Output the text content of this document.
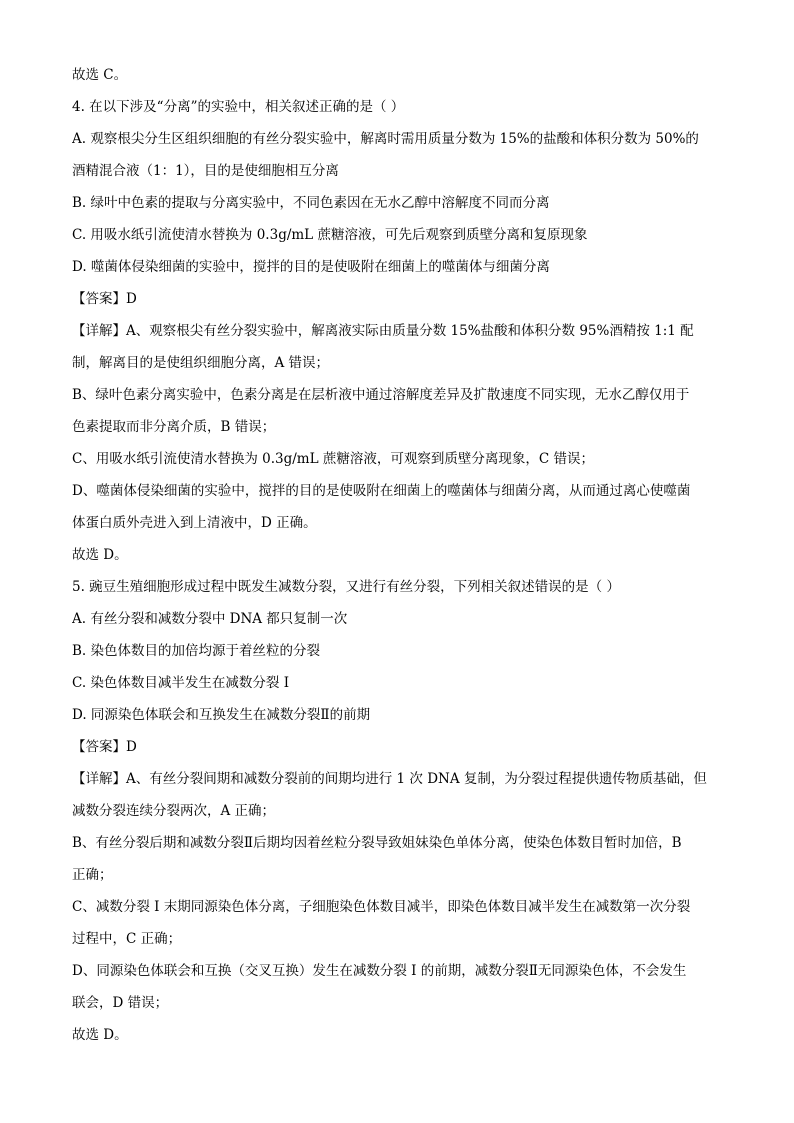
故选 C。
4. 在以下涉及“分离”的实验中，相关叙述正确的是（ ）
A. 观察根尖分生区组织细胞的有丝分裂实验中，解离时需用质量分数为 15%的盐酸和体积分数为 50%的
酒精混合液（1：1），目的是使细胞相互分离
B. 绿叶中色素的提取与分离实验中，不同色素因在无水乙醇中溶解度不同而分离
C. 用吸水纸引流使清水替换为 0.3g/mL 蔗糖溶液，可先后观察到质壁分离和复原现象
D. 噬菌体侵染细菌的实验中，搅拌的目的是使吸附在细菌上的噬菌体与细菌分离
【答案】D
【详解】A、观察根尖有丝分裂实验中，解离液实际由质量分数 15%盐酸和体积分数 95%酒精按 1:1 配
制，解离目的是使组织细胞分离，A 错误；
B、绿叶色素分离实验中，色素分离是在层析液中通过溶解度差异及扩散速度不同实现，无水乙醇仅用于
色素提取而非分离介质，B 错误；
C、用吸水纸引流使清水替换为 0.3g/mL 蔗糖溶液，可观察到质壁分离现象，C 错误；
D、噬菌体侵染细菌的实验中，搅拌的目的是使吸附在细菌上的噬菌体与细菌分离，从而通过离心使噬菌
体蛋白质外壳进入到上清液中，D 正确。
故选 D。
5. 豌豆生殖细胞形成过程中既发生减数分裂，又进行有丝分裂，下列相关叙述错误的是（ ）
A. 有丝分裂和减数分裂中 DNA 都只复制一次
B. 染色体数目的加倍均源于着丝粒的分裂
C. 染色体数目减半发生在减数分裂 I
D. 同源染色体联会和互换发生在减数分裂Ⅱ的前期
【答案】D
【详解】A、有丝分裂间期和减数分裂前的间期均进行 1 次 DNA 复制，为分裂过程提供遗传物质基础，但
减数分裂连续分裂两次，A 正确；
B、有丝分裂后期和减数分裂Ⅱ后期均因着丝粒分裂导致姐妹染色单体分离，使染色体数目暂时加倍，B
正确；
C、减数分裂 I 末期同源染色体分离，子细胞染色体数目减半，即染色体数目减半发生在减数第一次分裂
过程中，C 正确；
D、同源染色体联会和互换（交叉互换）发生在减数分裂 I 的前期，减数分裂Ⅱ无同源染色体，不会发生
联会，D 错误；
故选 D。
